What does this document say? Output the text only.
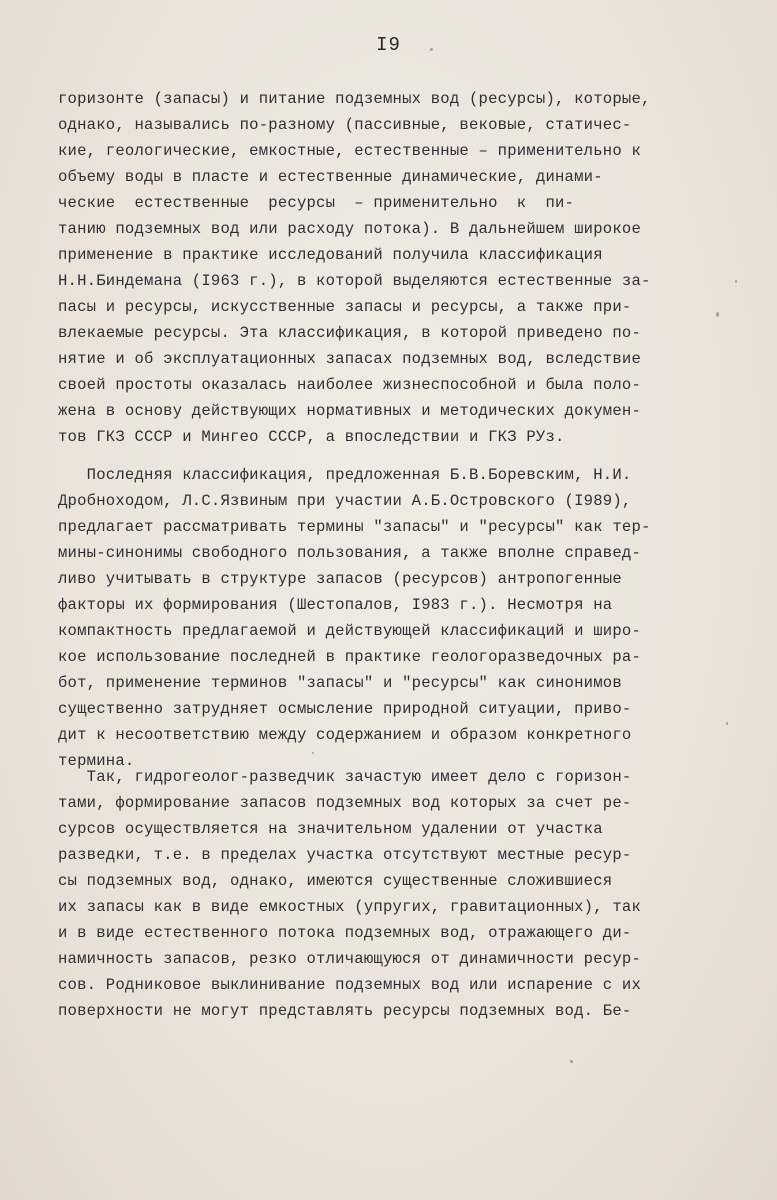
I9
горизонте (запасы) и питание подземных вод (ресурсы), которые,
однако, назывались по-разному (пассивные, вековые, статичес-
кие, геологические, емкостные, естественные – применительно к
объему воды в пласте и естественные динамические, динами-
ческие  естественные  ресурсы  – применительно  к  пи-
танию подземных вод или расходу потока). В дальнейшем широкое
применение в практике исследований получила классификация
Н.Н.Биндемана (I963 г.), в которой выделяются естественные за-
пасы и ресурсы, искусственные запасы и ресурсы, а также при-
влекаемые ресурсы. Эта классификация, в которой приведено по-
нятие и об эксплуатационных запасах подземных вод, вследствие
своей простоты оказалась наиболее жизнеспособной и была поло-
жена в основу действующих нормативных и методических докумен-
тов ГКЗ СССР и Мингео СССР, а впоследствии и ГКЗ РУз.
Последняя классификация, предложенная Б.В.Боревским, Н.И.
Дробноходом, Л.С.Язвиным при участии А.Б.Островского (I989),
предлагает рассматривать термины "запасы" и "ресурсы" как тер-
мины-синонимы свободного пользования, а также вполне справед-
ливо учитывать в структуре запасов (ресурсов) антропогенные
факторы их формирования (Шестопалов, I983 г.). Несмотря на
компактность предлагаемой и действующей классификаций и широ-
кое использование последней в практике геологоразведочных ра-
бот, применение терминов "запасы" и "ресурсы" как синонимов
существенно затрудняет осмысление природной ситуации, приво-
дит к несоответствию между содержанием и образом конкретного
термина.
Так, гидрогеолог-разведчик зачастую имеет дело с горизон-
тами, формирование запасов подземных вод которых за счет ре-
сурсов осуществляется на значительном удалении от участка
разведки, т.е. в пределах участка отсутствуют местные ресур-
сы подземных вод, однако, имеются существенные сложившиеся
их запасы как в виде емкостных (упругих, гравитационных), так
и в виде естественного потока подземных вод, отражающего ди-
намичность запасов, резко отличающуюся от динамичности ресур-
сов. Родниковое выклинивание подземных вод или испарение с их
поверхности не могут представлять ресурсы подземных вод. Бе-
